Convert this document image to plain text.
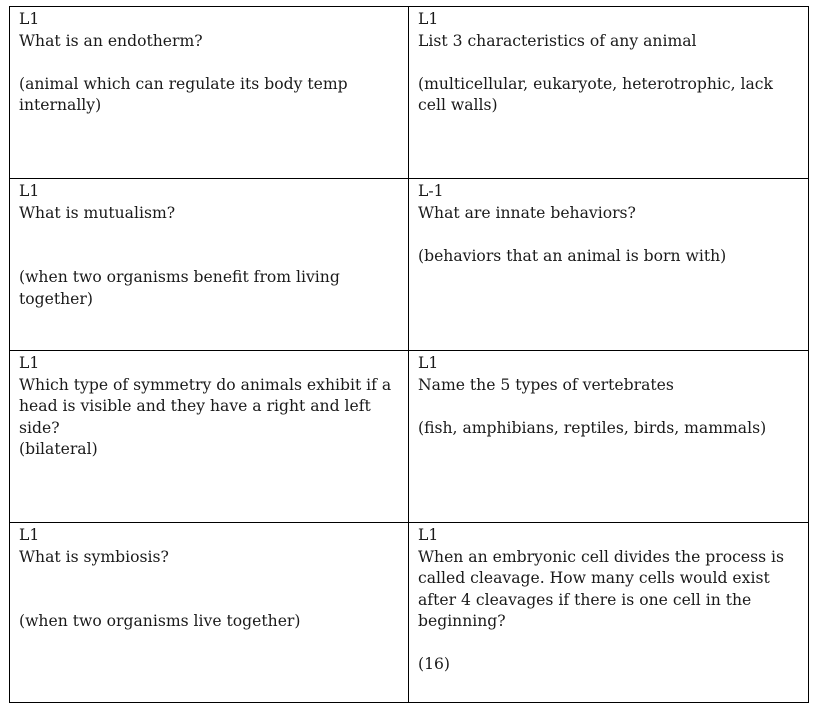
L1

What is an endotherm?

(animal which can regulate its body temp internally)

L1

List 3 characteristics of any animal

(multicellular, eukaryote, heterotrophic, lack cell walls)

L1

What is mutualism?

(when two organisms benefit from living together)

L-1

What are innate behaviors?

(behaviors that an animal is born with)

L1

Which type of symmetry do animals exhibit if a head is visible and they have a right and left side?

(bilateral)

L1

Name the 5 types of vertebrates

(fish, amphibians, reptiles, birds, mammals)

L1

What is symbiosis?

(when two organisms live together)

L1

When an embryonic cell divides the process is called cleavage. How many cells would exist after 4 cleavages if there is one cell in the beginning?

(16)
